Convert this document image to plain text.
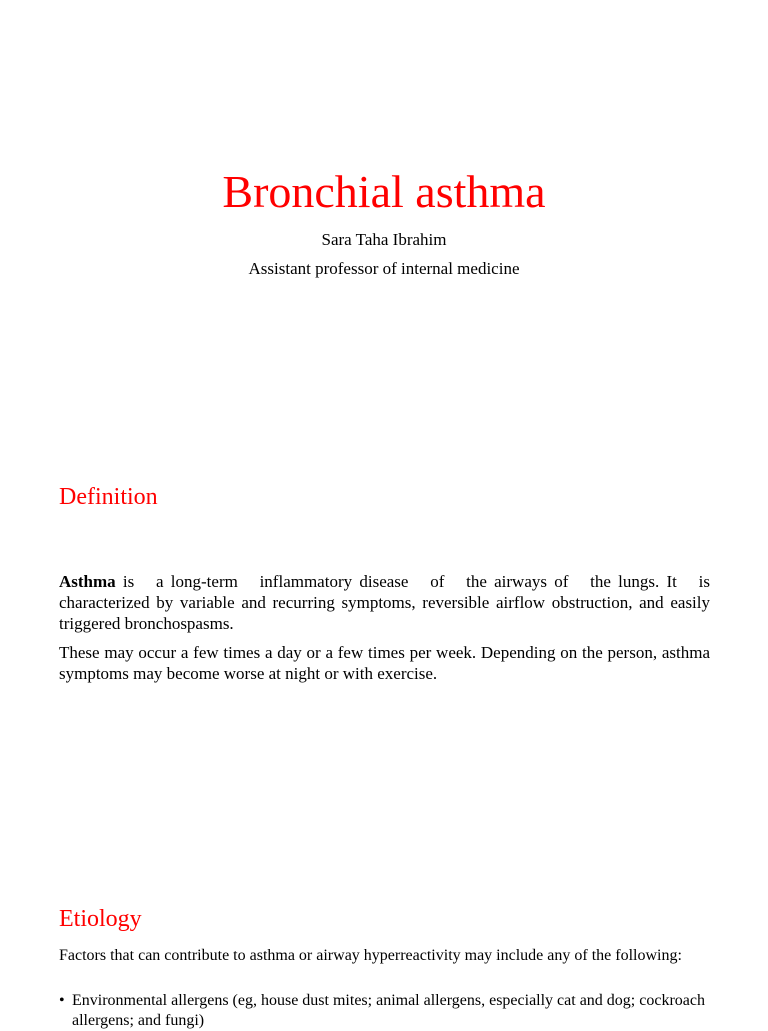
Bronchial asthma
Sara Taha Ibrahim
Assistant professor of internal medicine
Definition

Asthma is   a long-term   inflammatory disease   of   the airways of   the lungs. It   is characterized by variable and recurring symptoms, reversible airflow obstruction, and easily triggered bronchospasms.

These may occur a few times a day or a few times per week. Depending on the person, asthma symptoms may become worse at night or with exercise.

Etiology

Factors that can contribute to asthma or airway hyperreactivity may include any of the following:

• Environmental allergens (eg, house dust mites; animal allergens, especially cat and dog; cockroach allergens; and fungi)
